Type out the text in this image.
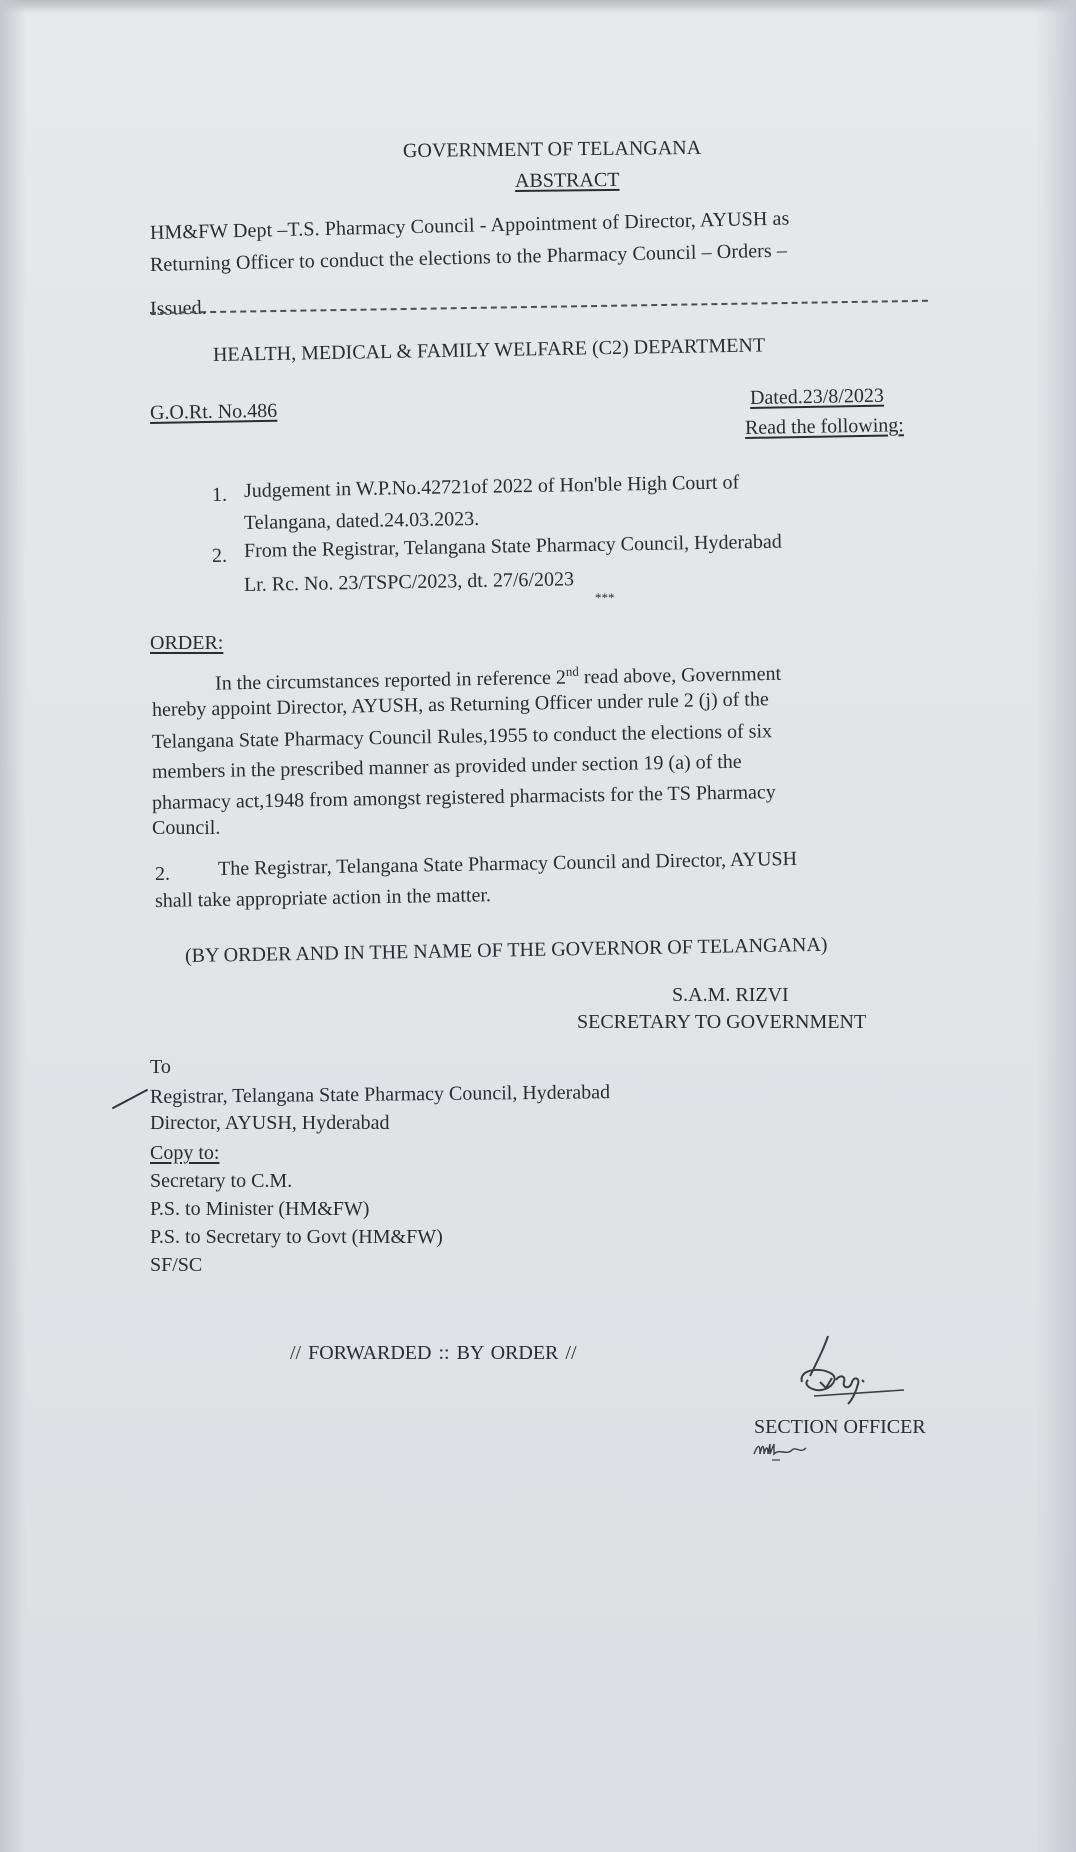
GOVERNMENT OF TELANGANA
ABSTRACT
HM&FW Dept –T.S. Pharmacy Council - Appointment of Director, AYUSH as
Returning Officer to conduct the elections to the Pharmacy Council – Orders –
Issued.
HEALTH, MEDICAL & FAMILY WELFARE (C2) DEPARTMENT
G.O.Rt. No.486
Dated.23/8/2023
Read the following:
1. Judgement in W.P.No.42721of 2022 of Hon'ble High Court of
Telangana, dated.24.03.2023.
2. From the Registrar, Telangana State Pharmacy Council, Hyderabad
Lr. Rc. No. 23/TSPC/2023, dt. 27/6/2023
***
ORDER:
In the circumstances reported in reference 2nd read above, Government
hereby appoint Director, AYUSH, as Returning Officer under rule 2 (j) of the
Telangana State Pharmacy Council Rules,1955 to conduct the elections of six
members in the prescribed manner as provided under section 19 (a) of the
pharmacy act,1948 from amongst registered pharmacists for the TS Pharmacy
Council.
2. The Registrar, Telangana State Pharmacy Council and Director, AYUSH
shall take appropriate action in the matter.
(BY ORDER AND IN THE NAME OF THE GOVERNOR OF TELANGANA)
S.A.M. RIZVI
SECRETARY TO GOVERNMENT
To
Registrar, Telangana State Pharmacy Council, Hyderabad
Director, AYUSH, Hyderabad
Copy to:
Secretary to C.M.
P.S. to Minister (HM&FW)
P.S. to Secretary to Govt (HM&FW)
SF/SC
// FORWARDED :: BY ORDER //
SECTION OFFICER
